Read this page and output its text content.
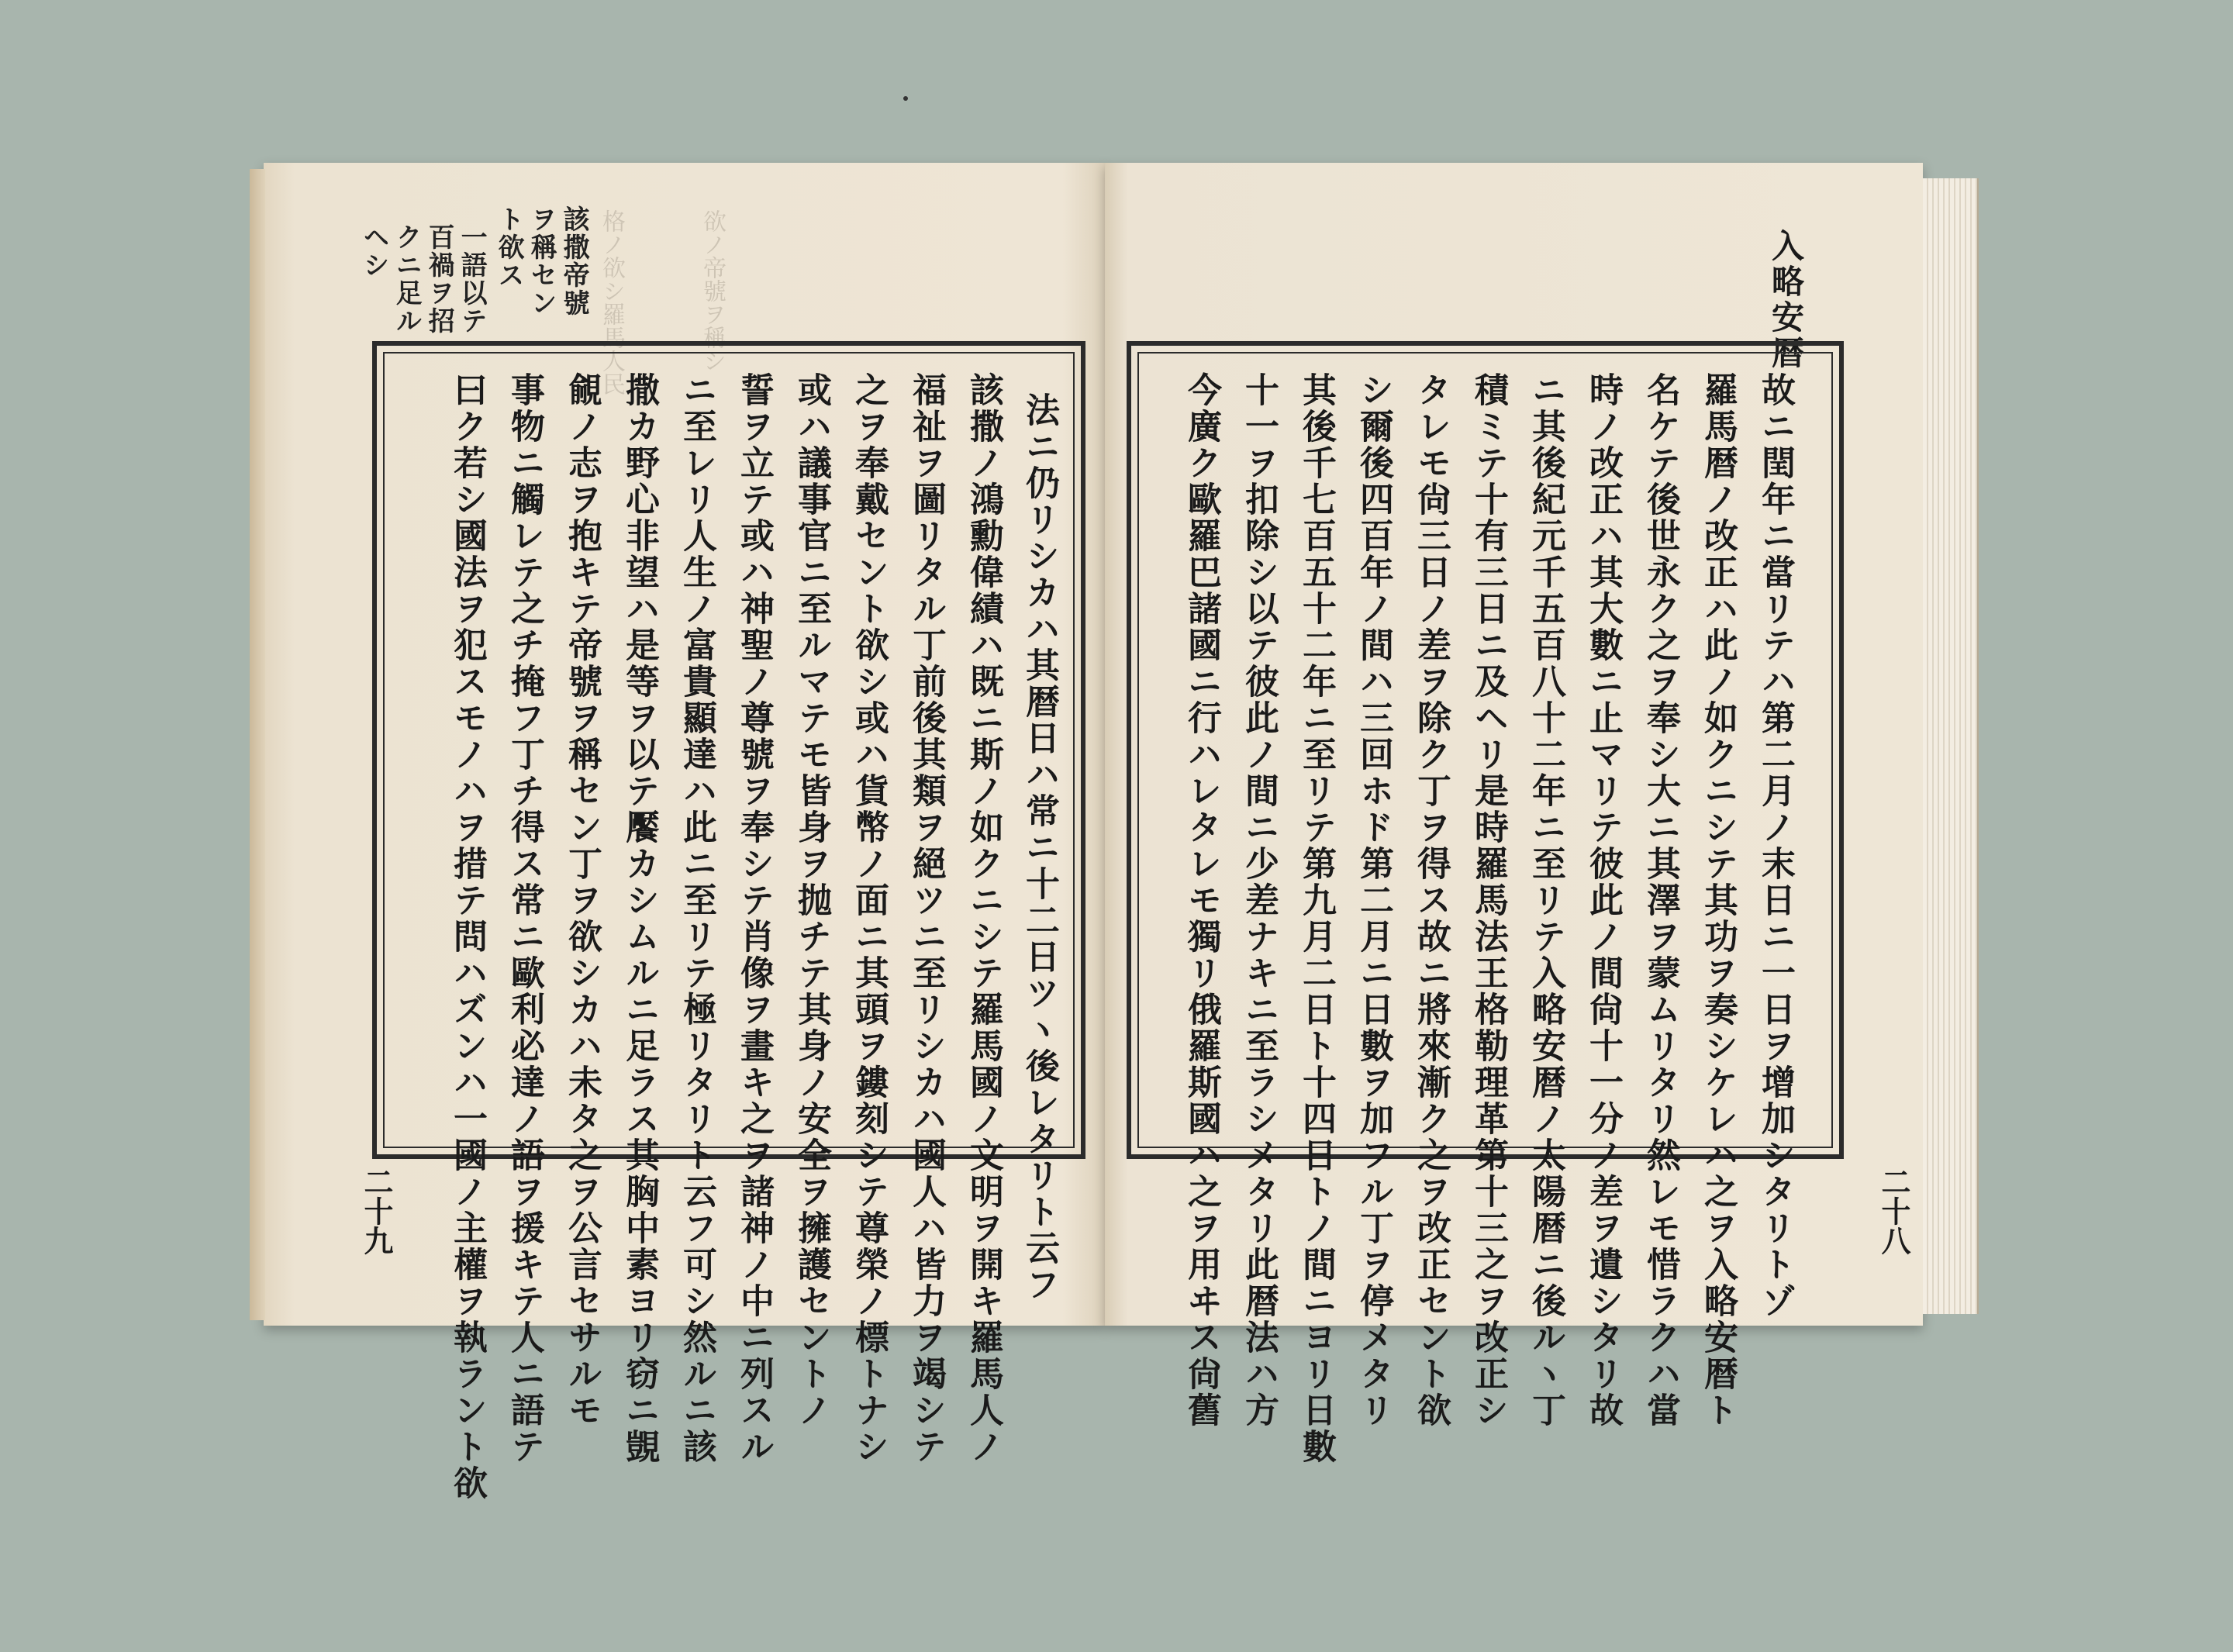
格ノ欲シ羅馬人民	欲ノ帝號ヲ稱シ
該撒帝號
ヲ稱セン
ト欲ス
一語以テ
百禍ヲ招
クニ足ル
ヘシ
法ニ仍リシカハ其暦日ハ常ニ十二日ツヽ後レタリト云フ
該撒ノ鴻勳偉績ハ既ニ斯ノ如クニシテ羅馬國ノ文明ヲ開キ羅馬人ノ
福祉ヲ圖リタル丁前後其類ヲ絕ツニ至リシカハ國人ハ皆力ヲ竭シテ
之ヲ奉戴セント欲シ或ハ貨幣ノ面ニ其頭ヲ鏤刻シテ尊榮ノ標トナシ
或ハ議事官ニ至ルマテモ皆身ヲ抛チテ其身ノ安全ヲ擁護セントノ
誓ヲ立テ或ハ神聖ノ尊號ヲ奉シテ肖像ヲ畫キ之ヲ諸神ノ中ニ列スル
ニ至レリ人生ノ富貴顯達ハ此ニ至リテ極リタリト云フ可シ然ルニ該
撒カ野心非望ハ是等ヲ以テ饜カシムルニ足ラス其胸中素ヨリ窃ニ覬
覦ノ志ヲ抱キテ帝號ヲ稱セン丁ヲ欲シカハ未タ之ヲ公言セサルモ
事物ニ觸レテ之チ掩フ丁チ得ス常ニ歐利必達ノ語ヲ援キテ人ニ語テ
曰ク若シ國法ヲ犯スモノハヲ措テ問ハズンハ一國ノ主權ヲ執ラント欲
二十九
入略安暦
故ニ閏年ニ當リテハ第二月ノ末日ニ一日ヲ增加シタリトゾ
羅馬暦ノ改正ハ此ノ如クニシテ其功ヲ奏シケレハ之ヲ入略安暦ト
名ケテ後世永ク之ヲ奉シ大ニ其澤ヲ蒙ムリタリ然レモ惜ラクハ當
時ノ改正ハ其大數ニ止マリテ彼此ノ間尙十一分ノ差ヲ遺シタリ故
ニ其後紀元千五百八十二年ニ至リテ入略安暦ノ太陽暦ニ後ルヽ丁
積ミテ十有三日ニ及ヘリ是時羅馬法王格勒理革第十三之ヲ改正シ
タレモ尙三日ノ差ヲ除ク丁ヲ得ス故ニ將來漸ク之ヲ改正セント欲
シ爾後四百年ノ間ハ三回ホド第二月ニ日數ヲ加フル丁ヲ停メタリ
其後千七百五十二年ニ至リテ第九月二日ト十四日トノ間ニヨリ日數
十一ヲ扣除シ以テ彼此ノ間ニ少差ナキニ至ラシメタリ此暦法ハ方
今廣ク歐羅巴諸國ニ行ハレタレモ獨リ俄羅斯國ハ之ヲ用ヰス尙舊	二十八
